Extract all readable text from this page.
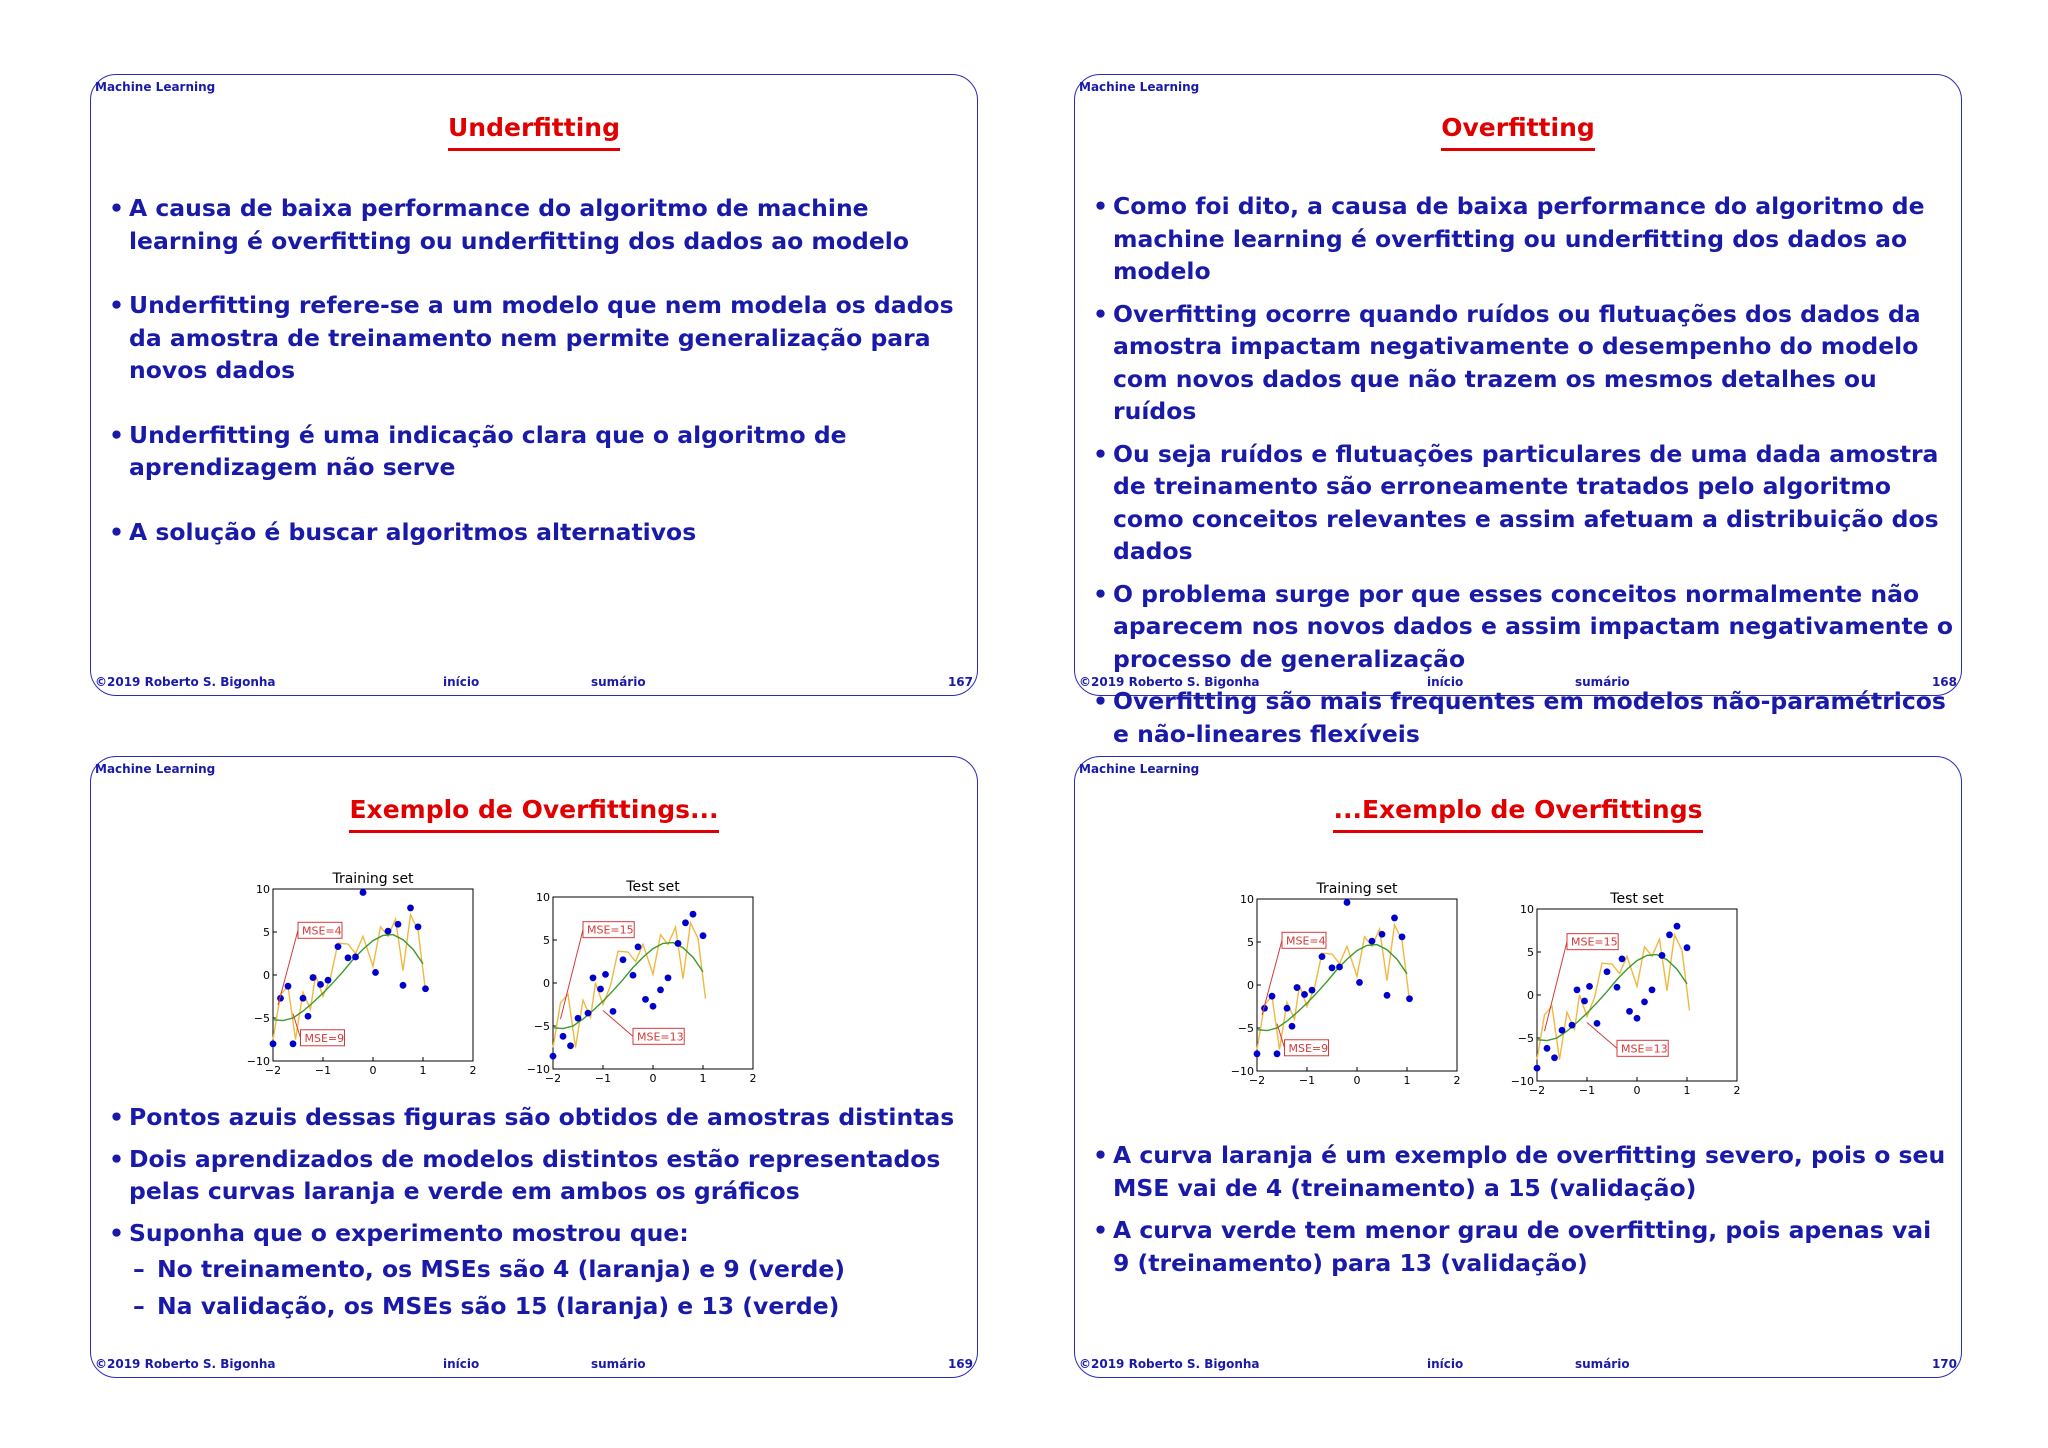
Machine Learning
Underfitting
• A causa de baixa performance do algoritmo de machine learning é overfitting ou underfitting dos dados ao modelo
• Underfitting refere-se a um modelo que nem modela os dados da amostra de treinamento nem permite generalização para novos dados
• Underfitting é uma indicação clara que o algoritmo de aprendizagem não serve
• A solução é buscar algoritmos alternativos
©2019 Roberto S. Bigonha	início	sumário	167
Machine Learning
Overfitting
• Como foi dito, a causa de baixa performance do algoritmo de machine learning é overfitting ou underfitting dos dados ao modelo
• Overfitting ocorre quando ruídos ou flutuações dos dados da amostra impactam negativamente o desempenho do modelo com novos dados que não trazem os mesmos detalhes ou ruídos
• Ou seja ruídos e flutuações particulares de uma dada amostra de treinamento são erroneamente tratados pelo algoritmo como conceitos relevantes e assim afetuam a distribuição dos dados
• O problema surge por que esses conceitos normalmente não aparecem nos novos dados e assim impactam negativamente o processo de generalização
• Overfitting são mais frequentes em modelos não-paramétricos e não-lineares flexíveis
©2019 Roberto S. Bigonha	início	sumário	168
Machine Learning
Exemplo de Overfittings...
Training set
−2	−1	0	1	2
10
5
0
−5
−10
MSE=4
MSE=9
Test set
−2	−1	0	1	2
10
5
0
−5
−10
MSE=15
MSE=13
• Pontos azuis dessas figuras são obtidos de amostras distintas
• Dois aprendizados de modelos distintos estão representados pelas curvas laranja e verde em ambos os gráficos
• Suponha que o experimento mostrou que:
– No treinamento, os MSEs são 4 (laranja) e 9 (verde)
– Na validação, os MSEs são 15 (laranja) e 13 (verde)
©2019 Roberto S. Bigonha	início	sumário	169
Machine Learning
...Exemplo de Overfittings
Training set
−2	−1	0	1	2
10
5
0
−5
−10
MSE=4
MSE=9
Test set
−2	−1	0	1	2
10
5
0
−5
−10
MSE=15
MSE=13
• A curva laranja é um exemplo de overfitting severo, pois o seu MSE vai de 4 (treinamento) a 15 (validação)
• A curva verde tem menor grau de overfitting, pois apenas vai 9 (treinamento) para 13 (validação)
©2019 Roberto S. Bigonha	início	sumário	170
